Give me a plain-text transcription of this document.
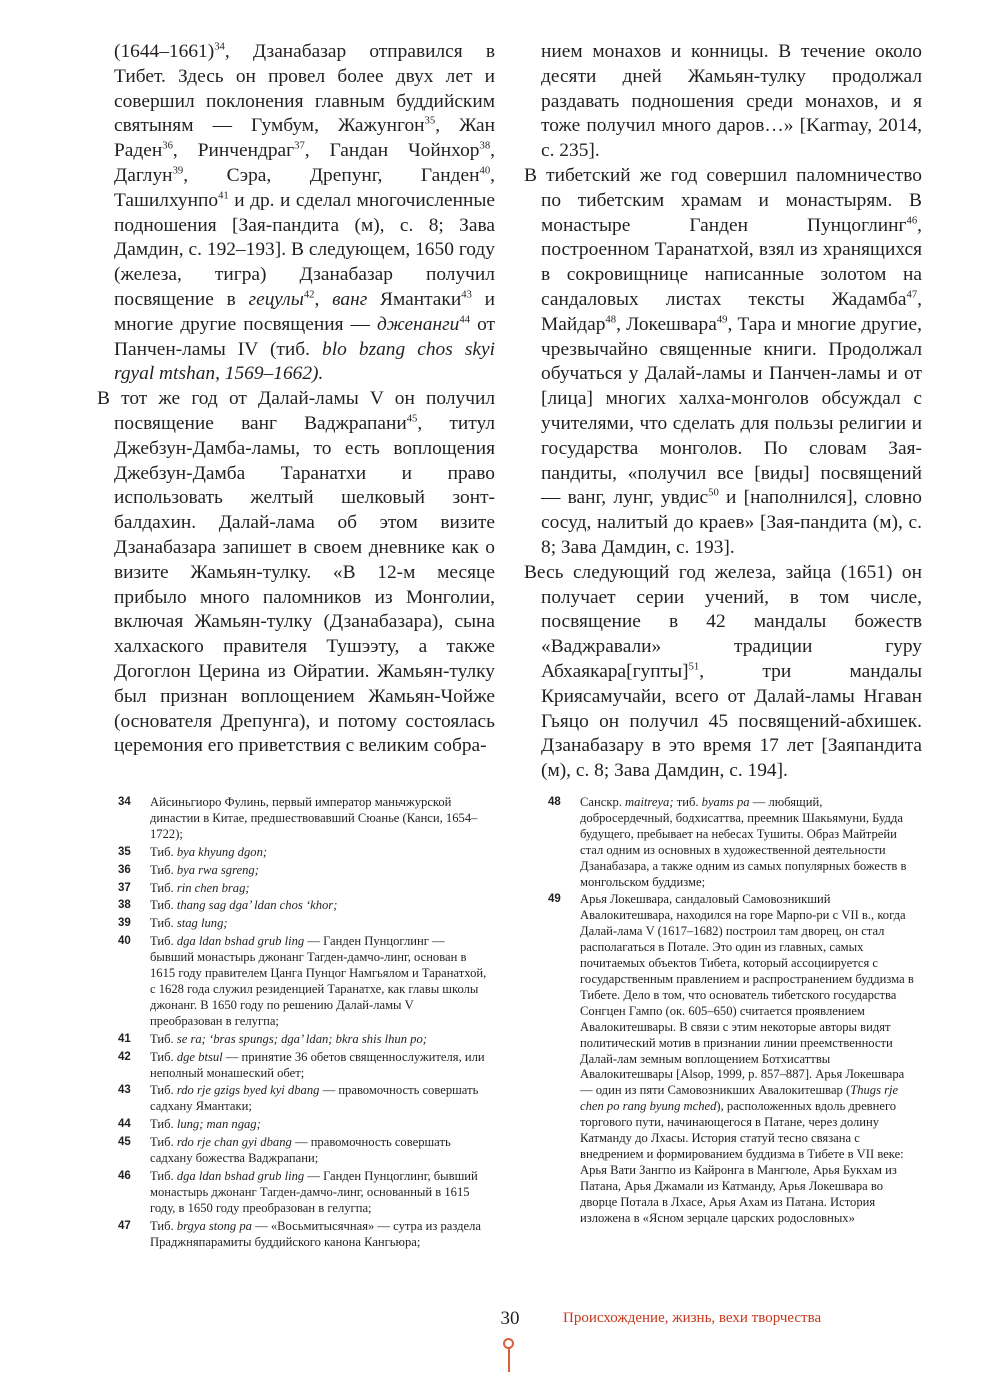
(1644–1661)$^{34}$, Дзанабазар отправился в Тибет. Здесь он провел более двух лет и совершил поклонения главным буддийским святыням — Гумбум, Жажунгон$^{35}$, Жан Раден$^{36}$, Ринчендраг$^{37}$, Гандан Чойнхор$^{38}$, Даглун$^{39}$, Сэра, Дрепунг, Ганден$^{40}$, Ташилхунпо$^{41}$ и др. и сделал многочисленные подношения [Зая-пандита (м), с. 8; Зава Дамдин, с. 192–193]. В следующем, 1650 году (железа, тигра) Дзанабазар получил посвящение в гецулы$^{42}$, ванг Ямантаки$^{43}$ и многие другие посвящения — дженанги$^{44}$ от Панчен-ламы IV (тиб. blo bzang chos skyi rgyal mtshan, 1569–1662).

В тот же год от Далай-ламы V он получил посвящение ванг Ваджрапани$^{45}$, титул Джебзун-Дамба-ламы, то есть воплощения Джебзун-Дамба Таранатхи и право использовать желтый шелковый зонт-балдахин. Далай-лама об этом визите Дзанабазара запишет в своем дневнике как о визите Жамьян-тулку. «В 12-м месяце прибыло много паломников из Монголии, включая Жамьян-тулку (Дзанабазара), сына халхаского правителя Тушээту, а также Догоглон Церина из Ойратии. Жамьян-тулку был признан воплощением Жамьян-Чойже (основателя Дрепунга), и потому состоялась церемония его приветствия с великим собра-

нием монахов и конницы. В течение около десяти дней Жамьян-тулку продолжал раздавать подношения среди монахов, и я тоже получил много даров…» [Karmay, 2014, с. 235].

В тибетский же год совершил паломничество по тибетским храмам и монастырям. В монастыре Ганден Пунцоглинг$^{46}$, построенном Таранатхой, взял из хранящихся в сокровищнице написанные золотом на сандаловых листах тексты Жадамба$^{47}$, Майдар$^{48}$, Локешвара$^{49}$, Тара и многие другие, чрезвычайно священные книги. Продолжал обучаться у Далай-ламы и Панчен-ламы и от [лица] многих халха-монголов обсуждал с учителями, что сделать для пользы религии и государства монголов. По словам Зая-пандиты, «получил все [виды] посвящений — ванг, лунг, увдис$^{50}$ и [наполнился], словно сосуд, налитый до краев» [Зая-пандита (м), с. 8; Зава Дамдин, с. 193].

Весь следующий год железа, зайца (1651) он получает серии учений, в том числе, посвящение в 42 мандалы божеств «Ваджравали» традиции гуру Абхаякара[гупты]$^{51}$, три мандалы Криясамучайи, всего от Далай-ламы Нгаван Гьяцо он получил 45 посвящений-абхишек. Дзанабазару в это время 17 лет [Заяпандита (м), с. 8; Зава Дамдин, с. 194].

34 Айсиньгиоро Фулинь, первый император маньчжурской династии в Китае, предшествовавший Сюанье (Канси, 1654–1722);
35 Тиб. bya khyung dgon;
36 Тиб. bya rwa sgreng;
37 Тиб. rin chen brag;
38 Тиб. thang sag dga’ ldan chos ‘khor;
39 Тиб. stag lung;
40 Тиб. dga ldan bshad grub ling — Ганден Пунцоглинг — бывший монастырь джонанг Тагден-дамчо-линг, основан в 1615 году правителем Цанга Пунцог Намгьялом и Таранатхой, с 1628 года служил резиденцией Таранатхе, как главы школы джонанг. В 1650 году по решению Далай-ламы V преобразован в гелугпа;
41 Тиб. se ra; ‘bras spungs; dga’ ldan; bkra shis lhun po;
42 Тиб. dge btsul — принятие 36 обетов священнослужителя, или неполный монашеский обет;
43 Тиб. rdo rje gzigs byed kyi dbang — правомочность совершать садхану Ямантаки;
44 Тиб. lung; man ngag;
45 Тиб. rdo rje chan gyi dbang — правомочность совершать садхану божества Ваджрапани;
46 Тиб. dga ldan bshad grub ling — Ганден Пунцоглинг, бывший монастырь джонанг Тагден-дамчо-линг, основанный в 1615 году, в 1650 году преобразован в гелугпа;
47 Тиб. brgya stong pa — «Восьмитысячная» — сутра из раздела Праджняпарамиты буддийского канона Кангьюра;
48 Санскр. maitreya; тиб. byams pa — любящий, добросердечный, бодхисаттва, преемник Шакьямуни, Будда будущего, пребывает на небесах Тушиты. Образ Майтрейи стал одним из основных в художественной деятельности Дзанабазара, а также одним из самых популярных божеств в монгольском буддизме;
49 Арья Локешвара, сандаловый Самовозникший Авалокитешвара, находился на горе Марпо-ри с VII в., когда Далай-лама V (1617–1682) построил там дворец, он стал располагаться в Потале. Это один из главных, самых почитаемых объектов Тибета, который ассоциируется с государственным правлением и распространением буддизма в Тибете. Дело в том, что основатель тибетского государства Сонгцен Гампо (ок. 605–650) считается проявлением Авалокитешвары. В связи с этим некоторые авторы видят политический мотив в признании линии преемственности Далай-лам земным воплощением Ботхисаттвы Авалокитешвары [Alsop, 1999, p. 857–887]. Арья Локешвара — один из пяти Самовозникших Авалокитешвар (Thugs rje chen po rang byung mched), расположенных вдоль древнего торгового пути, начинающегося в Патане, через долину Катманду до Лхасы. История статуй тесно связана с внедрением и формированием буддизма в Тибете в VII веке: Арья Вати Зангпо из Кайронга в Мангюле, Арья Букхам из Патана, Арья Джамали из Катманду, Арья Локешвара во дворце Потала в Лхасе, Арья Ахам из Патана. История изложена в «Ясном зерцале царских родословных»
30	Происхождение, жизнь, вехи творчества
